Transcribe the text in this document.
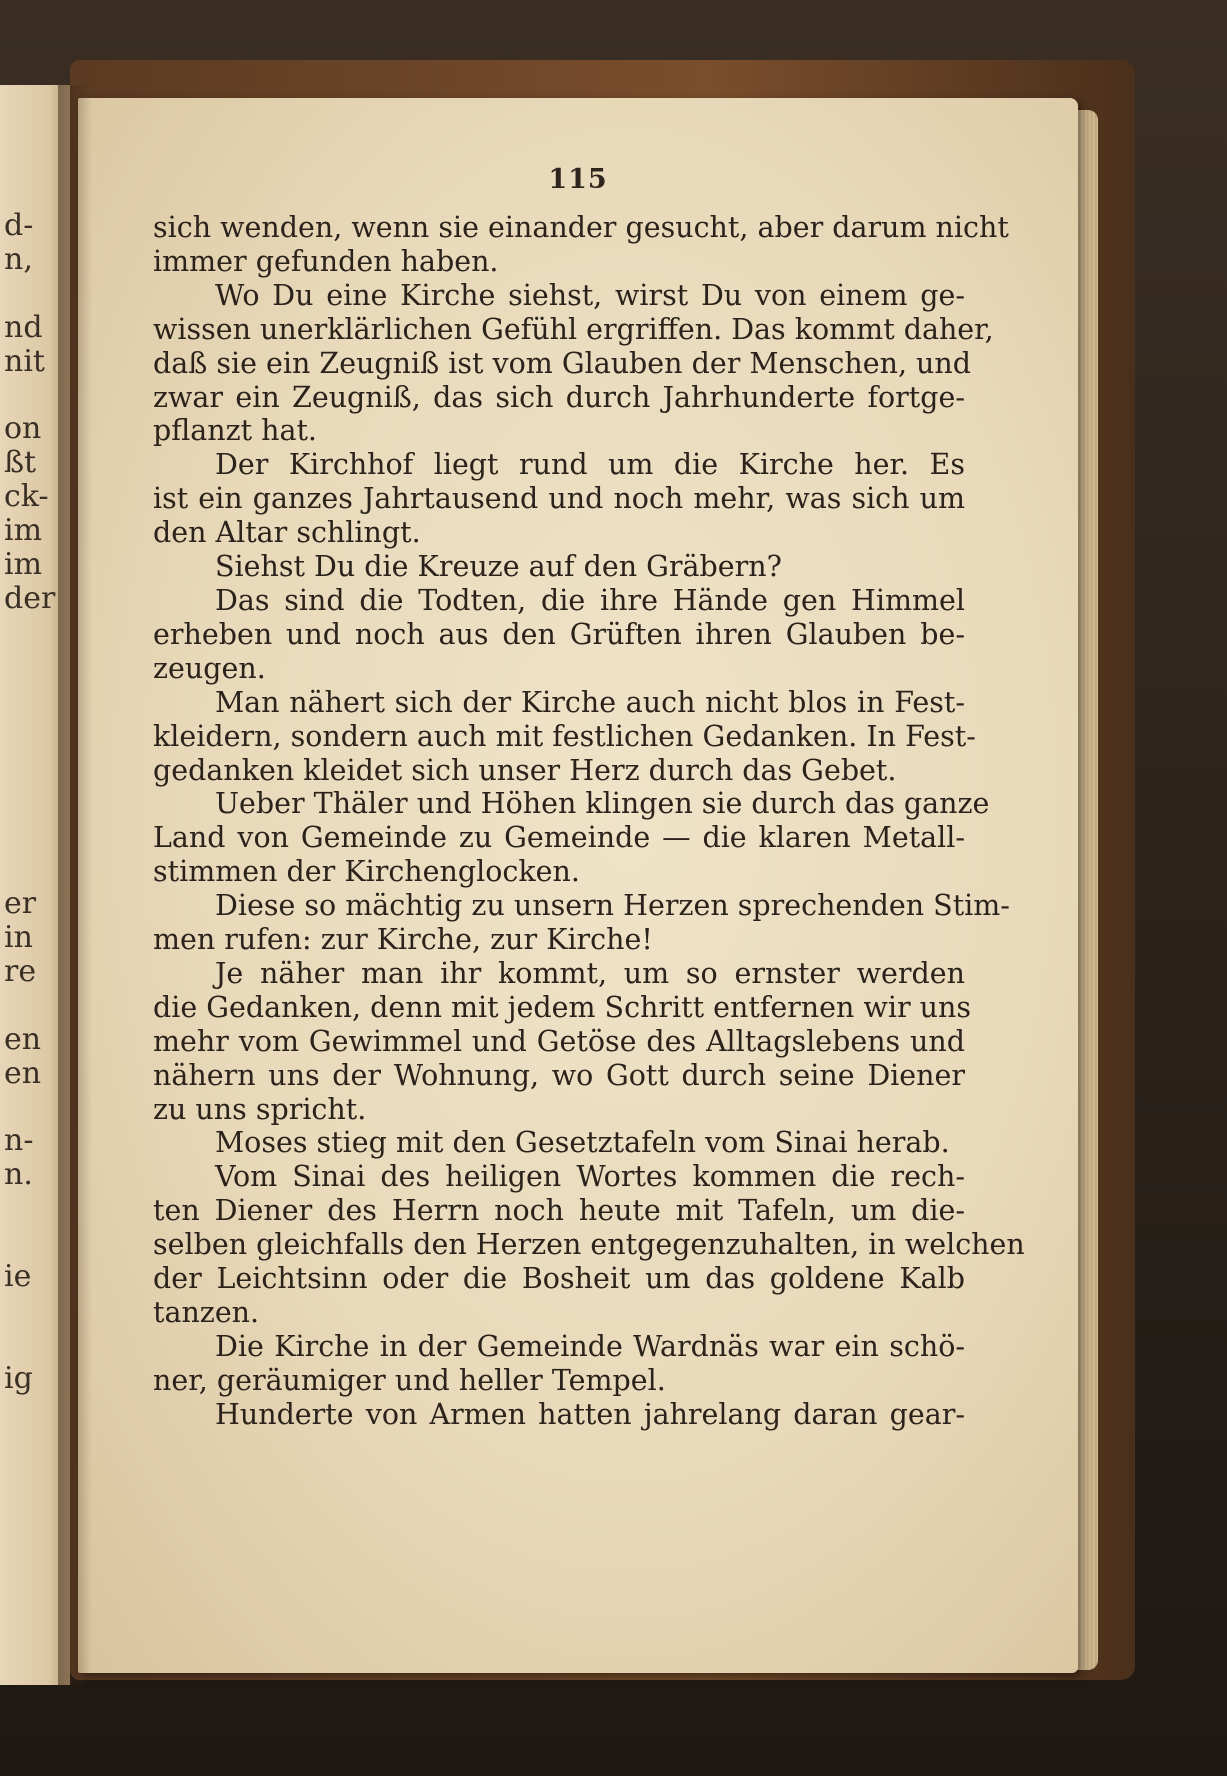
d-
n,
nd
nit
on
ßt
ck-
im
im
der
er
in
re
en
en
n-
n.
ie
ig
115
sich wenden, wenn sie einander gesucht, aber darum nicht
immer gefunden haben.
Wo Du eine Kirche siehst, wirst Du von einem ge-
wissen unerklärlichen Gefühl ergriffen. Das kommt daher,
daß sie ein Zeugniß ist vom Glauben der Menschen, und
zwar ein Zeugniß, das sich durch Jahrhunderte fortge-
pflanzt hat.
Der Kirchhof liegt rund um die Kirche her. Es
ist ein ganzes Jahrtausend und noch mehr, was sich um
den Altar schlingt.
Siehst Du die Kreuze auf den Gräbern?
Das sind die Todten, die ihre Hände gen Himmel
erheben und noch aus den Grüften ihren Glauben be-
zeugen.
Man nähert sich der Kirche auch nicht blos in Fest-
kleidern, sondern auch mit festlichen Gedanken. In Fest-
gedanken kleidet sich unser Herz durch das Gebet.
Ueber Thäler und Höhen klingen sie durch das ganze
Land von Gemeinde zu Gemeinde — die klaren Metall-
stimmen der Kirchenglocken.
Diese so mächtig zu unsern Herzen sprechenden Stim-
men rufen: zur Kirche, zur Kirche!
Je näher man ihr kommt, um so ernster werden
die Gedanken, denn mit jedem Schritt entfernen wir uns
mehr vom Gewimmel und Getöse des Alltagslebens und
nähern uns der Wohnung, wo Gott durch seine Diener
zu uns spricht.
Moses stieg mit den Gesetztafeln vom Sinai herab.
Vom Sinai des heiligen Wortes kommen die rech-
ten Diener des Herrn noch heute mit Tafeln, um die-
selben gleichfalls den Herzen entgegenzuhalten, in welchen
der Leichtsinn oder die Bosheit um das goldene Kalb
tanzen.
Die Kirche in der Gemeinde Wardnäs war ein schö-
ner, geräumiger und heller Tempel.
Hunderte von Armen hatten jahrelang daran gear-
